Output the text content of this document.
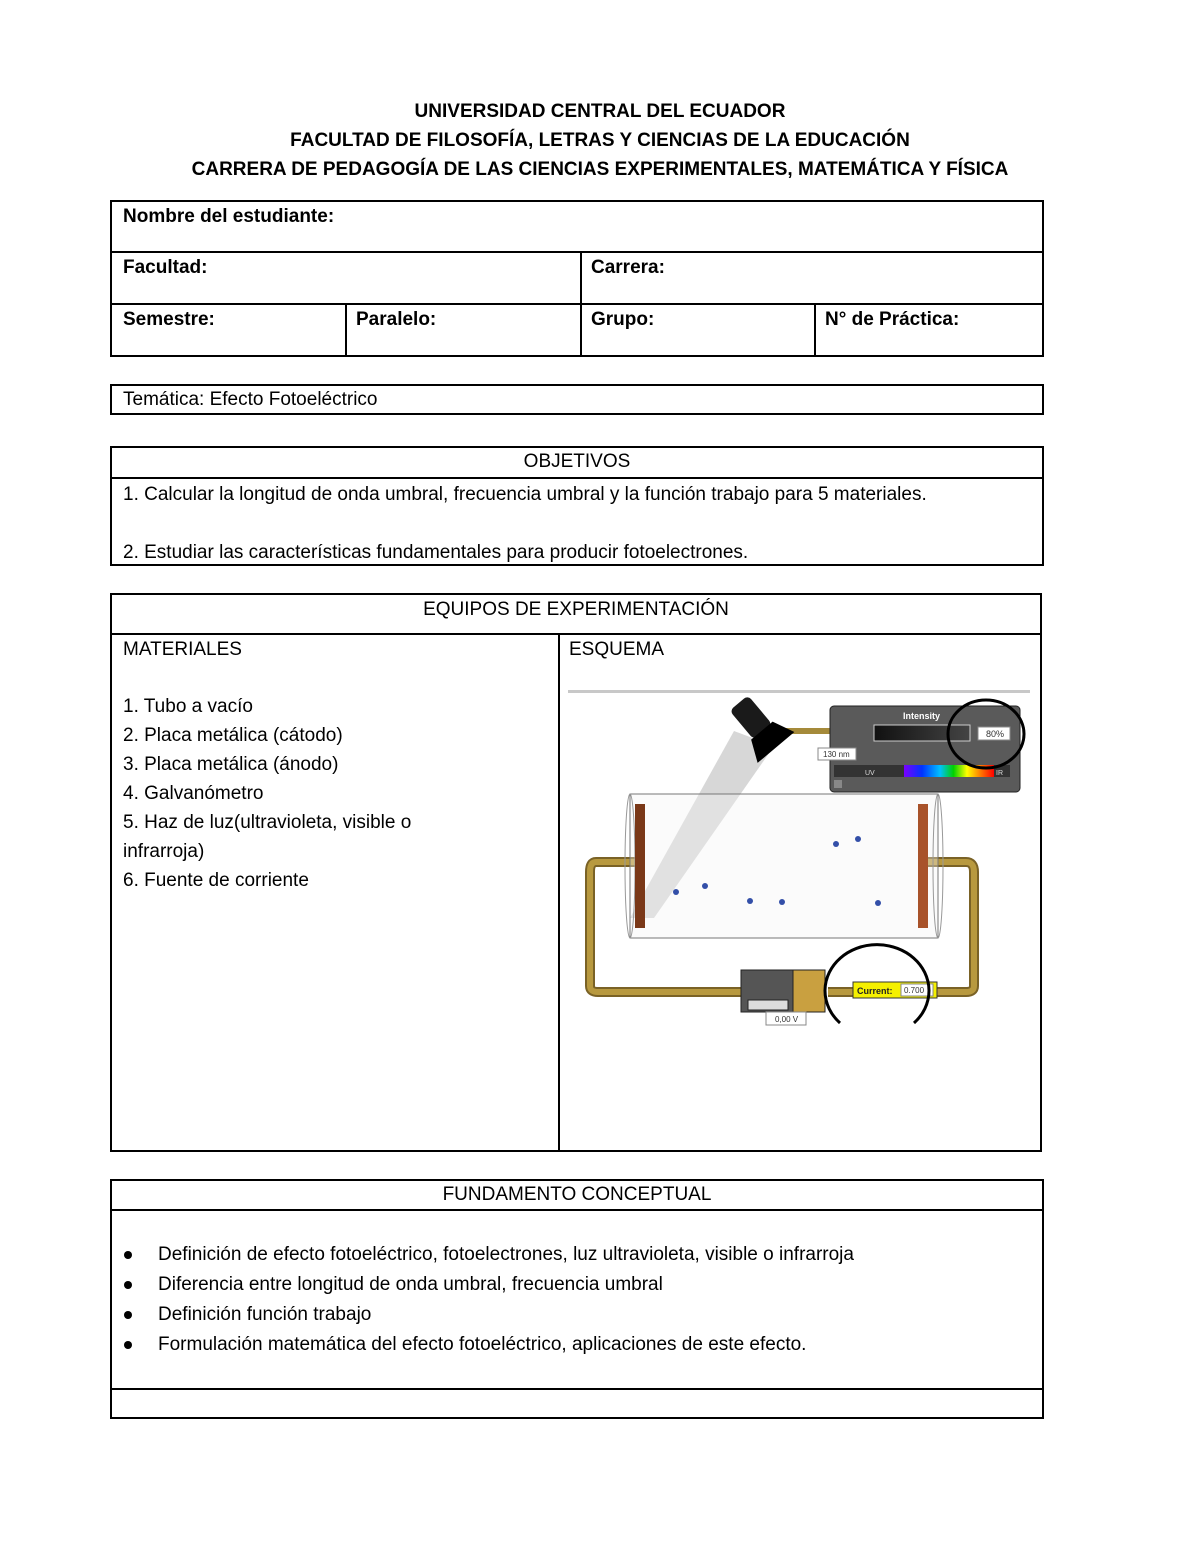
UNIVERSIDAD CENTRAL DEL ECUADOR
FACULTAD DE FILOSOFÍA, LETRAS Y CIENCIAS DE LA EDUCACIÓN
CARRERA DE PEDAGOGÍA DE LAS CIENCIAS EXPERIMENTALES, MATEMÁTICA Y FÍSICA
Nombre del estudiante:
Facultad:	Carrera:
Semestre:	Paralelo:	Grupo:	N° de Práctica:
Temática: Efecto Fotoeléctrico
OBJETIVOS
1. Calcular la longitud de onda umbral, frecuencia umbral y la función trabajo para 5 materiales.
2. Estudiar las características fundamentales para producir fotoelectrones.
EQUIPOS DE EXPERIMENTACIÓN
MATERIALES	ESQUEMA
1. Tubo a vacío
2. Placa metálica (cátodo)
3. Placa metálica (ánodo)
4. Galvanómetro
5. Haz de luz(ultravioleta, visible o infrarroja)
6. Fuente de corriente
Intensity
80%
130 nm
UV	IR
0,00 V
Current: 0.700
FUNDAMENTO CONCEPTUAL
Definición de efecto fotoeléctrico, fotoelectrones, luz ultravioleta, visible o infrarroja
Diferencia entre longitud de onda umbral, frecuencia umbral
Definición función trabajo
Formulación matemática del efecto fotoeléctrico, aplicaciones de este efecto.
